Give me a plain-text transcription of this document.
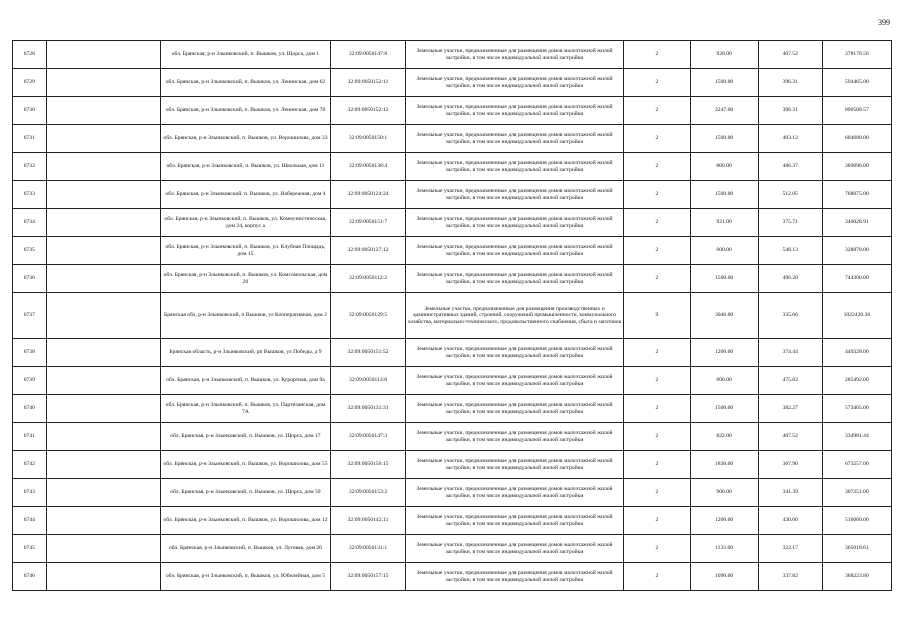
399
6728		обл. Брянская, р-н Злынковский, п. Вышков, ул. Щорса, дом 1	32:09:0050147:8	Земельные участки, предназначенные для размещения домов малоэтажной жилой застройки, в том числе индивидуальной жилой застройки	2	928.00	407.52	378178.56
6729		обл. Брянская, р-н Злынковский, п. Вышков, ул. Ленинская, дом 62	32:09:0050152:11	Земельные участки, предназначенные для размещения домов малоэтажной жилой застройки, в том числе индивидуальной жилой застройки	2	1500.00	396.31	594465.00
6730		обл. Брянская, р-н Злынковский, п. Вышков, ул. Ленинская, дом 78	32:09:0050152:12	Земельные участки, предназначенные для размещения домов малоэтажной жилой застройки, в том числе индивидуальной жилой застройки	2	2247.00	396.31	890508.57
6731		обл. Брянская, р-н Злынковский, п. Вышков, ул. Ворошилова, дом 33	32:09:0050150:1	Земельные участки, предназначенные для размещения домов малоэтажной жилой застройки, в том числе индивидуальной жилой застройки	2	1500.00	403.12	604680.00
6732		обл. Брянская, р-н Злынковский, п. Вышков, ул. Школьная, дом 11	32:09:0050138:4	Земельные участки, предназначенные для размещения домов малоэтажной жилой застройки, в том числе индивидуальной жилой застройки	2	800.00	486.37	389096.00
6733		обл. Брянская, р-н Злынковский, п. Вышков, ул. Набережная, дом 4	32:09:0050124:24	Земельные участки, предназначенные для размещения домов малоэтажной жилой застройки, в том числе индивидуальной жилой застройки	2	1500.00	512.05	768075.00
6734		обл. Брянская, р-н Злынковский, п. Вышков, ул. Коммунистическая, дом 24, корпус а	32:09:0050151:7	Земельные участки, предназначенные для размещения домов малоэтажной жилой застройки, в том числе индивидуальной жилой застройки	2	921.00	375.71	346028.91
6735		обл. Брянская, р-н Злынковский, п. Вышков, ул. Клубная Площадь, дом 15	32:09:0050127:12	Земельные участки, предназначенные для размещения домов малоэтажной жилой застройки, в том числе индивидуальной жилой застройки	2	600.00	548.13	328878.00
6736		обл. Брянская, р-н Злынковский, п. Вышков, ул. Комсомольская, дом 20	32:09:0050112:2	Земельные участки, предназначенные для размещения домов малоэтажной жилой застройки, в том числе индивидуальной жилой застройки	2	1500.00	496.20	744300.00
6737		Брянская обл, р-н Злынковский, п Вышков, ул Кооперативная, дом 2	32:09:0050129:5	Земельные участки, предназначенные для размещения производственных и административных зданий, строений, сооружений промышленности, коммунального хозяйства, материально-технического, продовольственного снабжения, сбыта и заготовок	9	3046.00	335.66	1022420.36
6738		Брянская область, р-н Злынковский, рп Вышков, ул Победы, д 9	32:09:0050151:52	Земельные участки, предназначенные для размещения домов малоэтажной жилой застройки, в том числе индивидуальной жилой застройки	2	1200.00	374.44	449328.00
6739		обл. Брянская, р-н Злынковский, п. Вышков, ул. Курортная, дом 9а	32:09:0050113:8	Земельные участки, предназначенные для размещения домов малоэтажной жилой застройки, в том числе индивидуальной жилой застройки	2	600.00	475.82	285492.00
6740		обл. Брянская, р-н Злынковский, п. Вышков, ул. Партизанская, дом 7А	32:09:0050131:31	Земельные участки, предназначенные для размещения домов малоэтажной жилой застройки, в том числе индивидуальной жилой застройки	2	1500.00	382.27	573405.00
6741		обл. Брянская, р-н Злынковский, п. Вышков, ул. Щорса, дом 17	32:09:0050147:3	Земельные участки, предназначенные для размещения домов малоэтажной жилой застройки, в том числе индивидуальной жилой застройки	2	822.00	407.52	334981.44
6742		обл. Брянская, р-н Злынковский, п. Вышков, ул. Ворошилова, дом 55	32:09:0050156:15	Земельные участки, предназначенные для размещения домов малоэтажной жилой застройки, в том числе индивидуальной жилой застройки	2	1830.00	367.90	673257.00
6743		обл. Брянская, р-н Злынковский, п. Вышков, ул. Щорса, дом 59	32:09:0050153:2	Земельные участки, предназначенные для размещения домов малоэтажной жилой застройки, в том числе индивидуальной жилой застройки	2	900.00	341.39	307251.00
6744		обл. Брянская, р-н Злынковский, п. Вышков, ул. Ворошилова, дом 12	32:09:0050142:11	Земельные участки, предназначенные для размещения домов малоэтажной жилой застройки, в том числе индивидуальной жилой застройки	2	1200.00	430.00	516000.00
6745		обл. Брянская, р-н Злынковский, п. Вышков, ул. Луговая, дом 26	32:09:0050131:1	Земельные участки, предназначенные для размещения домов малоэтажной жилой застройки, в том числе индивидуальной жилой застройки	2	1133.00	322.17	365018.61
6746		обл. Брянская, р-н Злынковский, п. Вышков, ул. Юбилейная, дом 5	32:09:0050157:15	Земельные участки, предназначенные для размещения домов малоэтажной жилой застройки, в том числе индивидуальной жилой застройки	2	1090.00	337.82	368223.80
